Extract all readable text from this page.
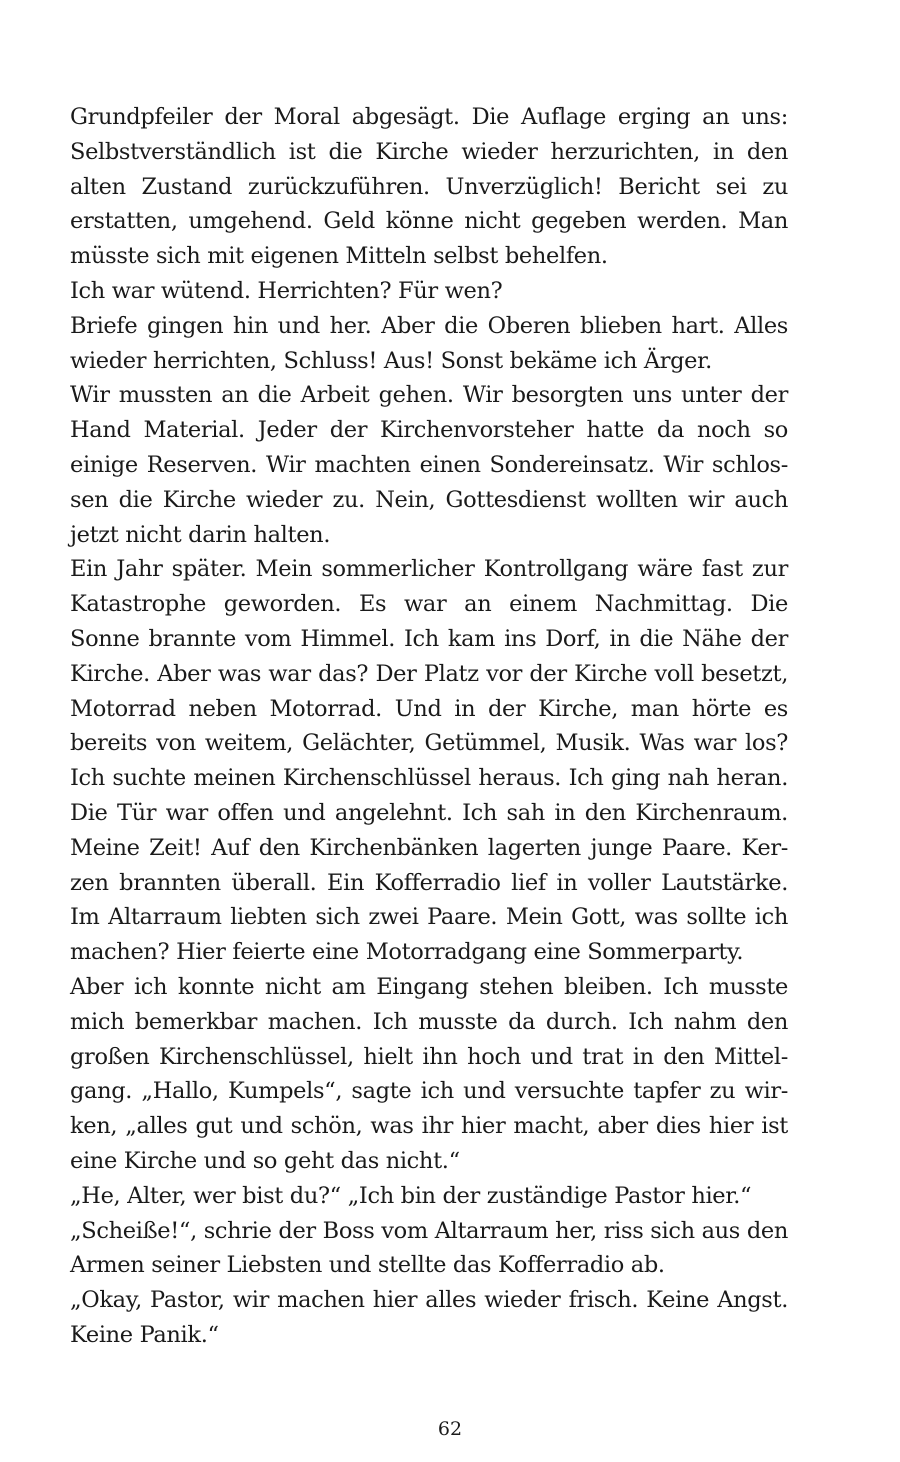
Grundpfeiler der Moral abgesägt. Die Auflage erging an uns:
Selbstverständlich ist die Kirche wieder herzurichten, in den
alten Zustand zurückzuführen. Unverzüglich! Bericht sei zu
erstatten, umgehend. Geld könne nicht gegeben werden. Man
müsste sich mit eigenen Mitteln selbst behelfen.
Ich war wütend. Herrichten? Für wen?
Briefe gingen hin und her. Aber die Oberen blieben hart. Alles
wieder herrichten, Schluss! Aus! Sonst bekäme ich Ärger.
Wir mussten an die Arbeit gehen. Wir besorgten uns unter der
Hand Material. Jeder der Kirchenvorsteher hatte da noch so
einige Reserven. Wir machten einen Sondereinsatz. Wir schlos-
sen die Kirche wieder zu. Nein, Gottesdienst wollten wir auch
jetzt nicht darin halten.
Ein Jahr später. Mein sommerlicher Kontrollgang wäre fast zur
Katastrophe geworden. Es war an einem Nachmittag. Die
Sonne brannte vom Himmel. Ich kam ins Dorf, in die Nähe der
Kirche. Aber was war das? Der Platz vor der Kirche voll besetzt,
Motorrad neben Motorrad. Und in der Kirche, man hörte es
bereits von weitem, Gelächter, Getümmel, Musik. Was war los?
Ich suchte meinen Kirchenschlüssel heraus. Ich ging nah heran.
Die Tür war offen und angelehnt. Ich sah in den Kirchenraum.
Meine Zeit! Auf den Kirchenbänken lagerten junge Paare. Ker-
zen brannten überall. Ein Kofferradio lief in voller Lautstärke.
Im Altarraum liebten sich zwei Paare. Mein Gott, was sollte ich
machen? Hier feierte eine Motorradgang eine Sommerparty.
Aber ich konnte nicht am Eingang stehen bleiben. Ich musste
mich bemerkbar machen. Ich musste da durch. Ich nahm den
großen Kirchenschlüssel, hielt ihn hoch und trat in den Mittel-
gang. „Hallo, Kumpels“, sagte ich und versuchte tapfer zu wir-
ken, „alles gut und schön, was ihr hier macht, aber dies hier ist
eine Kirche und so geht das nicht.“
„He, Alter, wer bist du?“ „Ich bin der zuständige Pastor hier.“
„Scheiße!“, schrie der Boss vom Altarraum her, riss sich aus den
Armen seiner Liebsten und stellte das Kofferradio ab.
„Okay, Pastor, wir machen hier alles wieder frisch. Keine Angst.
Keine Panik.“
62
